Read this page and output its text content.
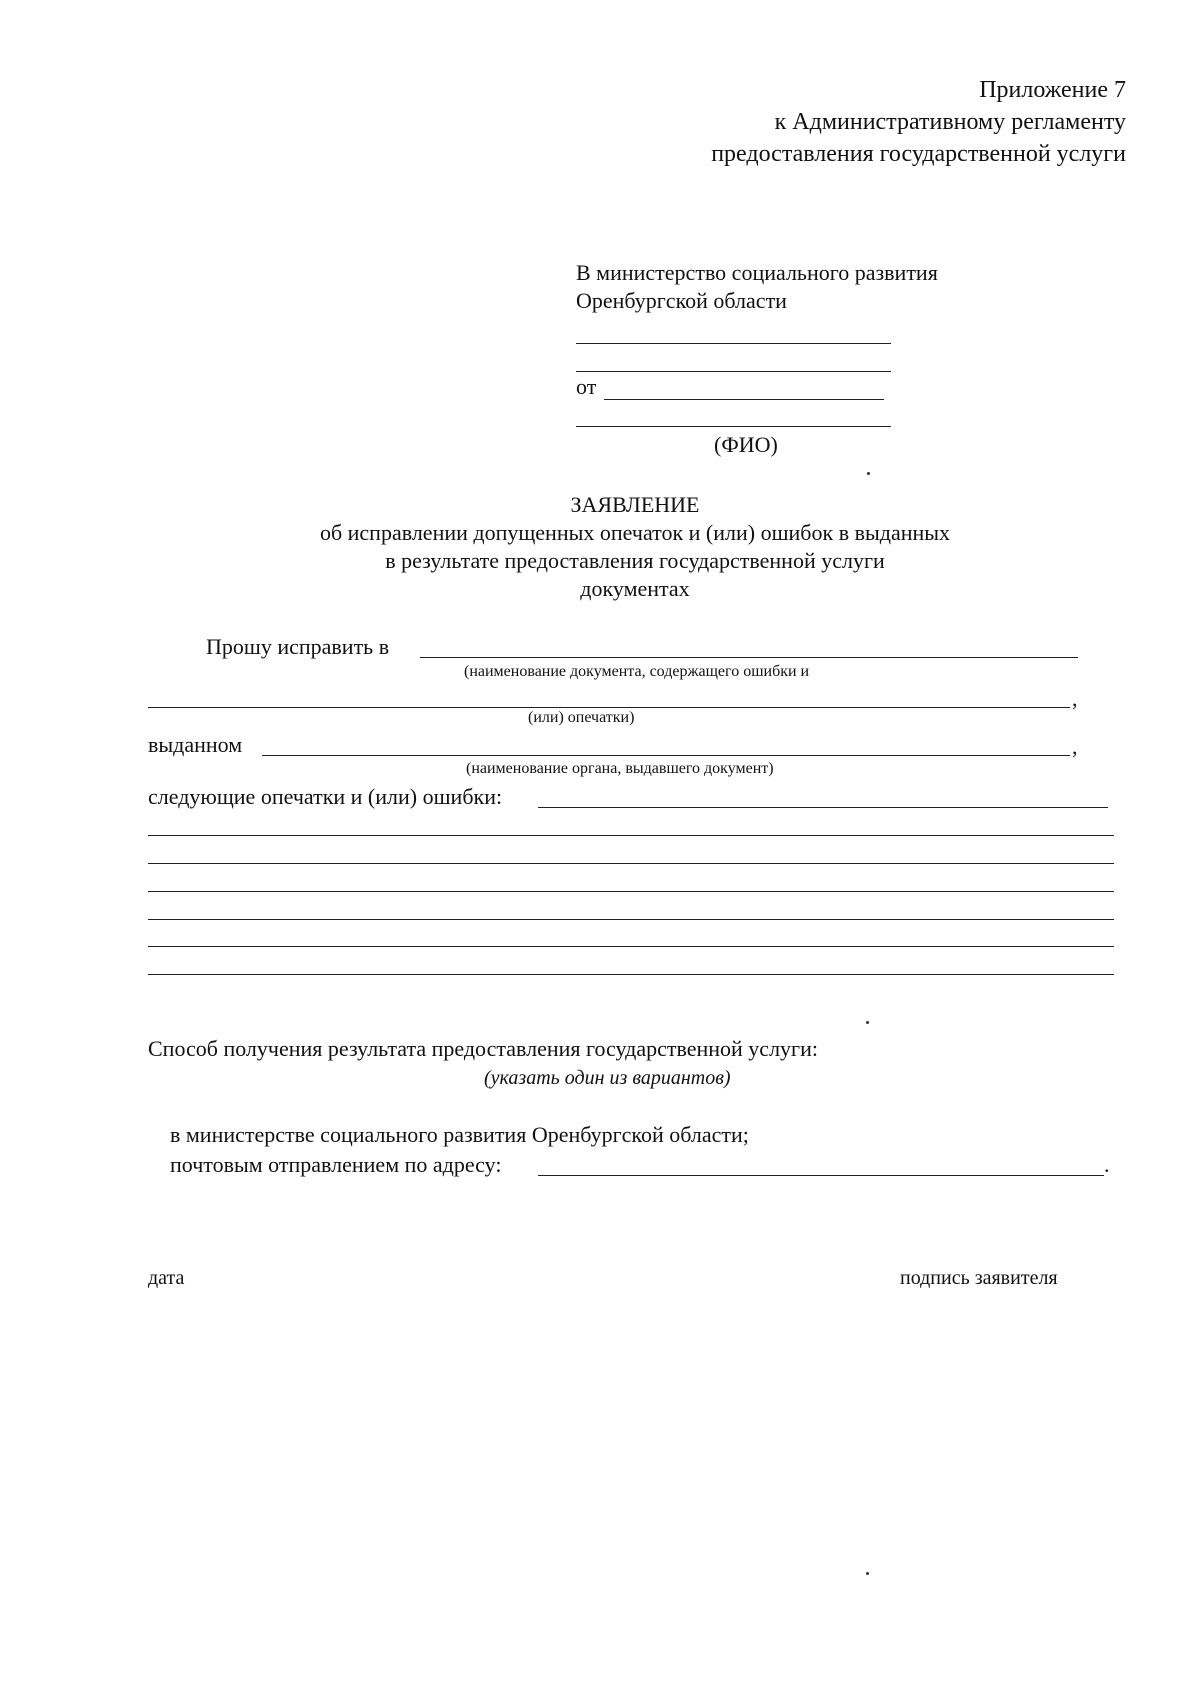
Приложение 7
к Административному регламенту
предоставления государственной услуги
В министерство социального развития
Оренбургской области
от
(ФИО)
ЗАЯВЛЕНИЕ
об исправлении допущенных опечаток и (или) ошибок в выданных
в результате предоставления государственной услуги
документах
Прошу исправить в
(наименование документа, содержащего ошибки и
,
(или) опечатки)
выданном	,
(наименование органа, выдавшего документ)
следующие опечатки и (или) ошибки:
Способ получения результата предоставления государственной услуги:
(указать один из вариантов)
в министерстве социального развития Оренбургской области;
почтовым отправлением по адресу:	.
дата	подпись заявителя
